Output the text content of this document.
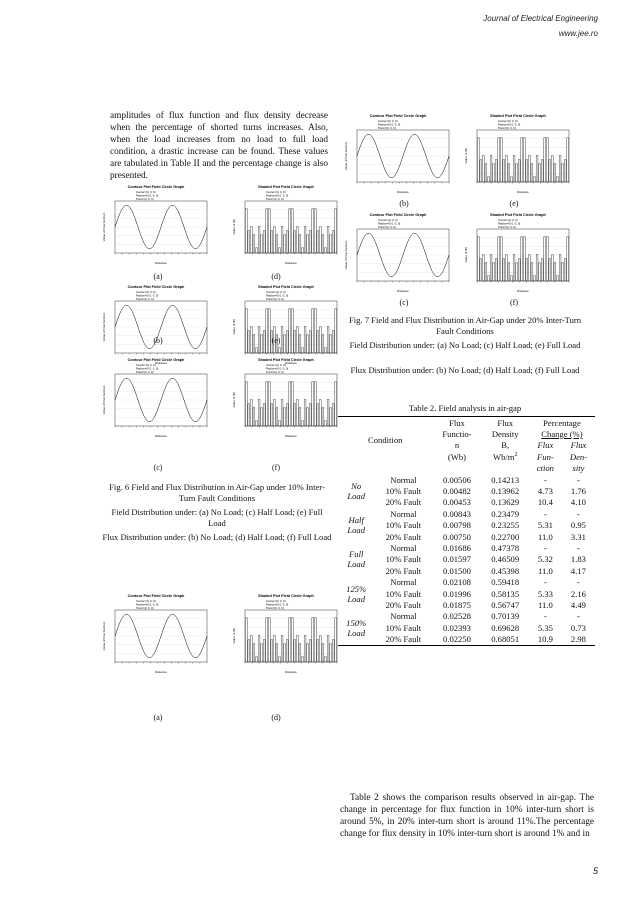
Journal of Electrical Engineering
www.jee.ro
amplitudes of flux function and flux density decrease when the percentage of shorted turns increases. Also, when the load increases from no load to full load condition, a drastic increase can be found. These values are tabulated in Table II and the percentage change is also presented.
Contour Plot Field Circle Graph
Center=(0, 0, 0)
Radius=(0.0, 0, 0)
Point=(0, 0, 0)
Distance
Value of Flux function
Shaded Plot Field Circle Graph
Center=(0, 0, 0)
Radius=(0.0, 0, 0)
Point=(0, 0, 0)
Distance
Value of |B|
(a)	(d)
Contour Plot Field Circle Graph
Center=(0, 0, 0)
Radius=(0.0, 0, 0)
Point=(0, 0, 0)
Distance
Value of Flux function
Shaded Plot Field Circle Graph
Center=(0, 0, 0)
Radius=(0.0, 0, 0)
Point=(0, 0, 0)
Distance
Value of |B|
(b)	(e)
Contour Plot Field Circle Graph
Center=(0, 0, 0)
Radius=(0.0, 0, 0)
Point=(0, 0, 0)
Distance
Value of Flux function
Shaded Plot Field Circle Graph
Center=(0, 0, 0)
Radius=(0.0, 0, 0)
Point=(0, 0, 0)
Distance
Value of |B|
(c)	(f)
Fig. 6 Field and Flux Distribution in Air-Gap under 10% Inter-Turn Fault Conditions
Field Distribution under: (a) No Load; (c) Half Load; (e) Full Load
Flux Distribution under: (b) No Load; (d) Half Load; (f) Full Load
Contour Plot Field Circle Graph
Center=(0, 0, 0)
Radius=(0.0, 0, 0)
Point=(0, 0, 0)
Distance
Value of Flux function
Shaded Plot Field Circle Graph
Center=(0, 0, 0)
Radius=(0.0, 0, 0)
Point=(0, 0, 0)
Distance
Value of |B|
(a)	(d)
Contour Plot Field Circle Graph
Center=(0, 0, 0)
Radius=(0.0, 0, 0)
Point=(0, 0, 0)
Distance
Value of Flux function
Shaded Plot Field Circle Graph
Center=(0, 0, 0)
Radius=(0.0, 0, 0)
Point=(0, 0, 0)
Distance
Value of |B|
(b)	(e)
Contour Plot Field Circle Graph
Center=(0, 0, 0)
Radius=(0.0, 0, 0)
Point=(0, 0, 0)
Distance
Value of Flux function
Shaded Plot Field Circle Graph
Center=(0, 0, 0)
Radius=(0.0, 0, 0)
Point=(0, 0, 0)
Distance
Value of |B|
(c)	(f)
Fig. 7 Field and Flux Distribution in Air-Gap under 20% Inter-Turn Fault Conditions
Field Distribution under: (a) No Load; (c) Half Load; (e) Full Load
Flux Distribution under: (b) No Load; (d) Half Load; (f) Full Load
Table 2. Field analysis in air-gap
Condition		Flux	Flux	Percentage	
		Functio-	Density	Change (%)	
		n	B,	Flux	Flux
		(Wb)	$Wb/m^2$	Fun-	Den-
				ction	sity

No
Load	Normal	0.00506	0.14213	-	-
	10% Fault	0.00482	0.13962	4.73	1.76
	20% Fault	0.00453	0.13629	10.4	4.10

Half
Load	Normal	0.00843	0.23479	-	-
	10% Fault	0.00798	0.23255	5.31	0.95
	20% Fault	0.00750	0.22700	11.0	3.31

Full
Load	Normal	0.01686	0.47378	-	-
	10% Fault	0.01597	0.46509	5.32	1.83
	20% Fault	0.01500	0.45398	11.0	4.17

125%
Load	Normal	0.02108	0.59418	-	-
	10% Fault	0.01996	0.58135	5.33	2.16
	20% Fault	0.01875	0.56747	11.0	4.49

150%
Load	Normal	0.02528	0.70139	-	-
	10% Fault	0.02393	0.69628	5.35	0.73
	20% Fault	0.02250	0.68051	10.9	2.98
Table 2 shows the comparison results observed in air-gap. The change in percentage for flux function in 10% inter-turn short is around 5%, in 20% inter-turn short is around 11%.The percentage change for flux density in 10% inter-turn short is around 1% and in
5
